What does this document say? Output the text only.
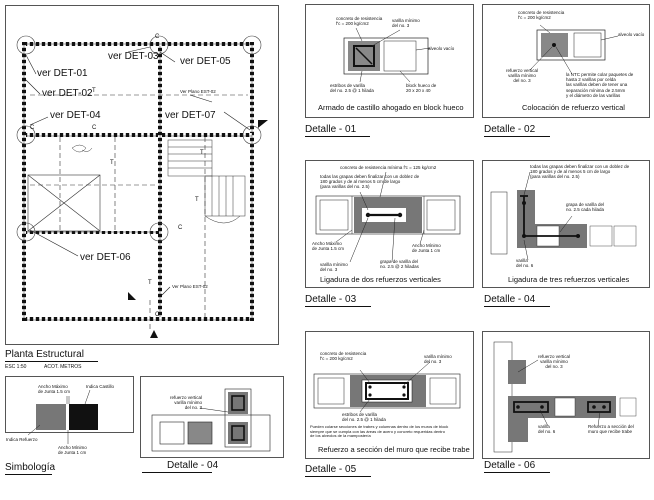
C
C	C
C
C
T
T
T
T
T
ver DET-01
ver DET-02
ver DET-03
ver DET-04
ver DET-05
ver DET-06
ver DET-07
Ver Plano EST-02
Ver Plano EST-02
Planta Estructural
ESC 1:50	ACOT. METROS
Ancho Máximo
de Junta 1.5 cm
Indica Castillo
Indica Refuerzo
Ancho Mínimo
de Junta 1 cm
Simbología
refuerzo vertical
varilla mínimo
del no. 3
Detalle - 04
concreto de resistencia
f'c = 200 kg/cm2
varilla mínimo
del no. 3
alveolo vacío
estribos de varilla
del no. 2.5 @ 1 hilada
block hueco de
20 x 20 x 40
Armado de castillo ahogado en block hueco
Detalle - 01
concreto de resistencia
f'c = 200 kg/cm2
alveolo vacío
refuerzo vertical
varilla mínimo
del no. 3
la NTC permite colar paquetes de
hasta 2 varillas por celda
las varillas deben de tener una
separación mínima de 2.5mm
y el diámetro de las varillas
Colocación de refuerzo vertical
Detalle - 02
concreto de resistencia mínima f'c = 125 kg/cm2
todas las grapas deben finalizar con un doblez de
180 grados y de al menos 5 cm de largo
(para varillas del no. 2.5)
Ancho Máximo
de Junta 1.5 cm
Ancho Mínimo
de Junta 1 cm
varilla mínimo
del no. 3
grapa de varilla del
no. 2.5 @ 2 hiladas
Ligadura de dos refuerzos verticales
Detalle - 03
todas las grapas deben finalizar con un doblez de
180 grados y de al menos 5 cm de largo
(para varillas del no. 2.5)
grapa de varilla del
no. 2.5 cada hilada
varilla
del no. 6
Ligadura de tres refuerzos verticales
Detalle - 04
concreto de resistencia
f'c = 200 kg/cm2	varilla mínimo
del no. 3
estribos de varilla
del no. 2.5 @ 1 hilada
Pueden colarse secciones de trabes y columnas dentro de los muros de block
siempre que se cumpla con las áreas de acero y concreto requeridas dentro
de los alveolos de la mampostería
Refuerzo a sección del muro que recibe trabe
Detalle - 05
refuerzo vertical
varilla mínimo
del no. 3
varilla
del no. 6
Refuerzo a sección del
muro que recibe trabe
Detalle - 06
